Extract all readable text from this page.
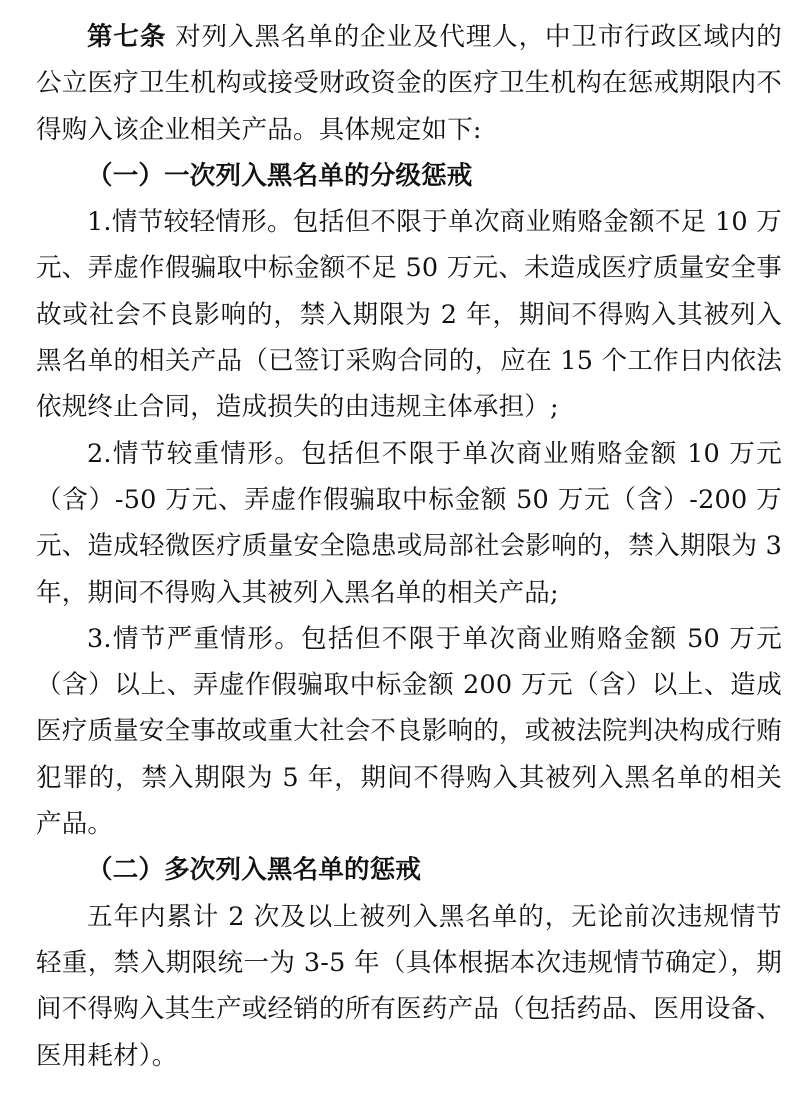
第七条 对列入黑名单的企业及代理人，中卫市行政区域内的公立医疗卫生机构或接受财政资金的医疗卫生机构在惩戒期限内不得购入该企业相关产品。具体规定如下:

（一）一次列入黑名单的分级惩戒

1.情节较轻情形。包括但不限于单次商业贿赂金额不足 10 万元、弄虚作假骗取中标金额不足 50 万元、未造成医疗质量安全事故或社会不良影响的，禁入期限为 2 年，期间不得购入其被列入黑名单的相关产品（已签订采购合同的，应在 15 个工作日内依法依规终止合同，造成损失的由违规主体承担）;

2.情节较重情形。包括但不限于单次商业贿赂金额 10 万元（含）-50 万元、弄虚作假骗取中标金额 50 万元（含）-200 万元、造成轻微医疗质量安全隐患或局部社会影响的，禁入期限为 3 年，期间不得购入其被列入黑名单的相关产品;

3.情节严重情形。包括但不限于单次商业贿赂金额 50 万元（含）以上、弄虚作假骗取中标金额 200 万元（含）以上、造成医疗质量安全事故或重大社会不良影响的，或被法院判决构成行贿犯罪的，禁入期限为 5 年，期间不得购入其被列入黑名单的相关产品。

（二）多次列入黑名单的惩戒

五年内累计 2 次及以上被列入黑名单的，无论前次违规情节轻重，禁入期限统一为 3-5 年（具体根据本次违规情节确定），期间不得购入其生产或经销的所有医药产品（包括药品、医用设备、医用耗材）。
